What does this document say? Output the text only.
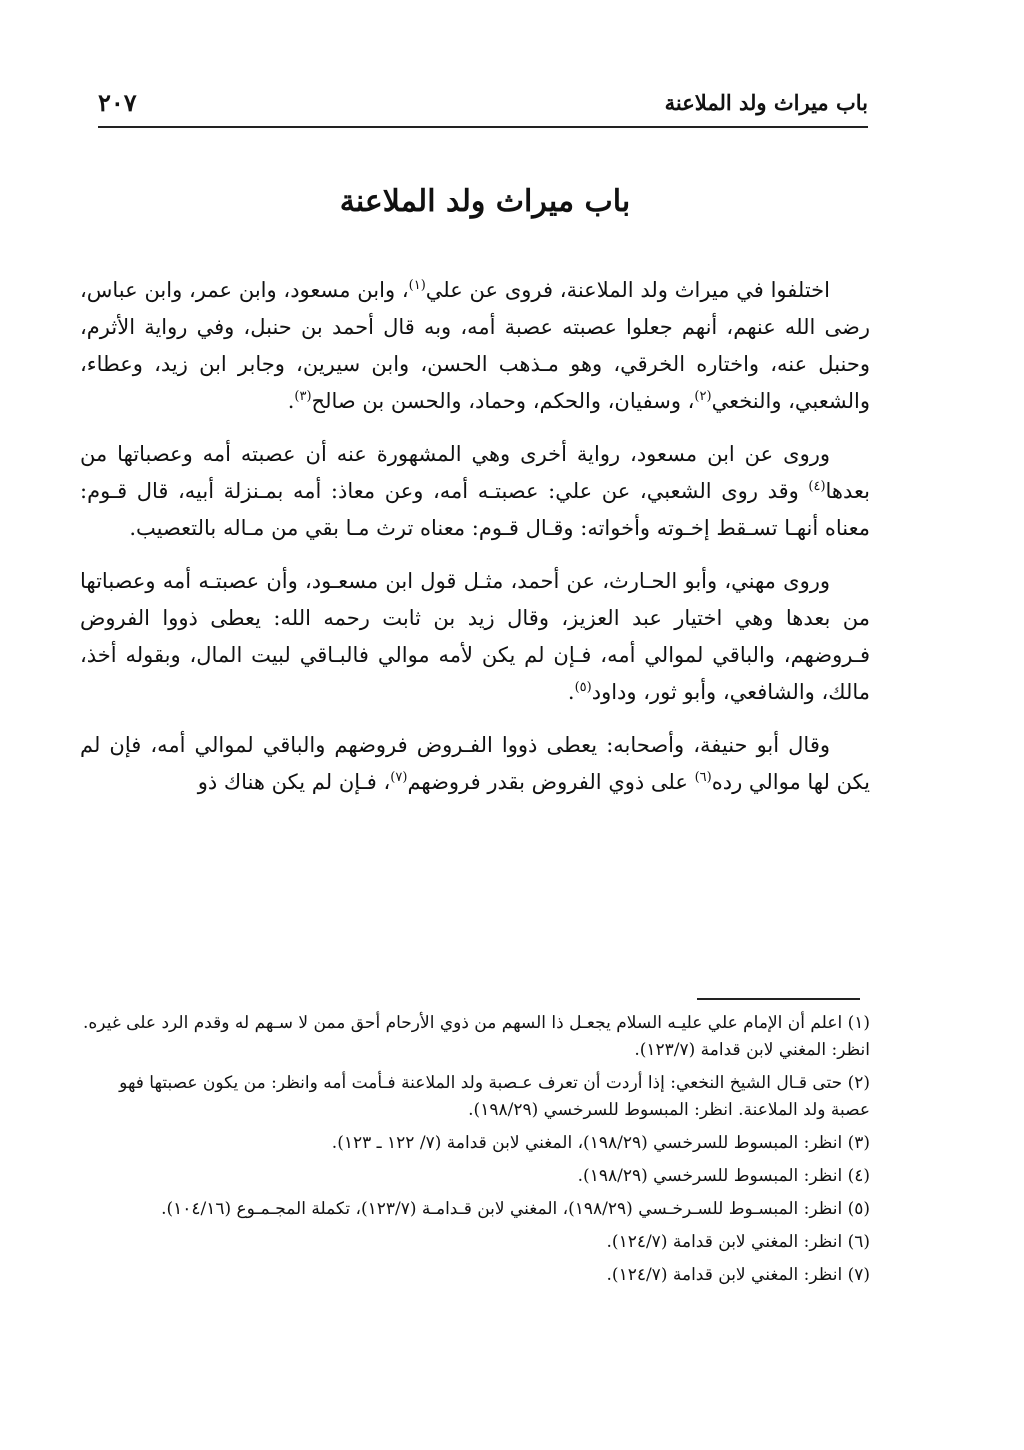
باب ميراث ولد الملاعنة
٢٠٧
باب ميراث ولد الملاعنة

اختلفوا في ميراث ولد الملاعنة، فروى عن علي$^{(١)}$، وابن مسعود، وابن عمر، وابن عباس، رضى الله عنهم، أنهم جعلوا عصبته عصبة أمه، وبه قال أحمد بن حنبل، وفي رواية الأثرم، وحنبل عنه، واختاره الخرقي، وهو مـذهب الحسن، وابن سيرين، وجابر ابن زيد، وعطاء، والشعبي، والنخعي$^{(٢)}$، وسفيان، والحكم، وحماد، والحسن بن صالح$^{(٣)}$.

وروى عن ابن مسعود، رواية أخرى وهي المشهورة عنه أن عصبته أمه وعصباتها من بعدها$^{(٤)}$ وقد روى الشعبي، عن علي: عصبتـه أمه، وعن معاذ: أمه بمـنزلة أبيه، قال قـوم: معناه أنهـا تسـقط إخـوته وأخواته: وقـال قـوم: معناه ترث مـا بقي من مـاله بالتعصيب.

وروى مهني، وأبو الحـارث، عن أحمد، مثـل قول ابن مسعـود، وأن عصبتـه أمه وعصباتها من بعدها وهي اختيار عبد العزيز، وقال زيد بن ثابت رحمه الله: يعطى ذووا الفروض فـروضهم، والباقي لموالي أمه، فـإن لم يكن لأمه موالي فالبـاقي لبيت المال، وبقوله أخذ، مالك، والشافعي، وأبو ثور، وداود$^{(٥)}$.

وقال أبو حنيفة، وأصحابه: يعطى ذووا الفـروض فروضهم والباقي لموالي أمه، فإن لم يكن لها موالي رده$^{(٦)}$ على ذوي الفروض بقدر فروضهم$^{(٧)}$، فـإن لم يكن هناك ذو

(١) اعلم أن الإمام علي عليـه السلام يجعـل ذا السهم من ذوي الأرحام أحق ممن لا سـهم له وقدم الرد على غيره. انظر: المغني لابن قدامة (١٢٣/٧).
(٢) حتى قـال الشيخ النخعي: إذا أردت أن تعرف عـصبة ولد الملاعنة فـأمت أمه وانظر: من يكون عصبتها فهو عصبة ولد الملاعنة. انظر: المبسوط للسرخسي (١٩٨/٢٩).
(٣) انظر: المبسوط للسرخسي (١٩٨/٢٩)، المغني لابن قدامة (٧/ ١٢٢ ـ ١٢٣).
(٤) انظر: المبسوط للسرخسي (١٩٨/٢٩).
(٥) انظر: المبسـوط للسـرخـسي (١٩٨/٢٩)، المغني لابن قـدامـة (١٢٣/٧)، تكملة المجـمـوع (١٠٤/١٦).
(٦) انظر: المغني لابن قدامة (١٢٤/٧).
(٧) انظر: المغني لابن قدامة (١٢٤/٧).
